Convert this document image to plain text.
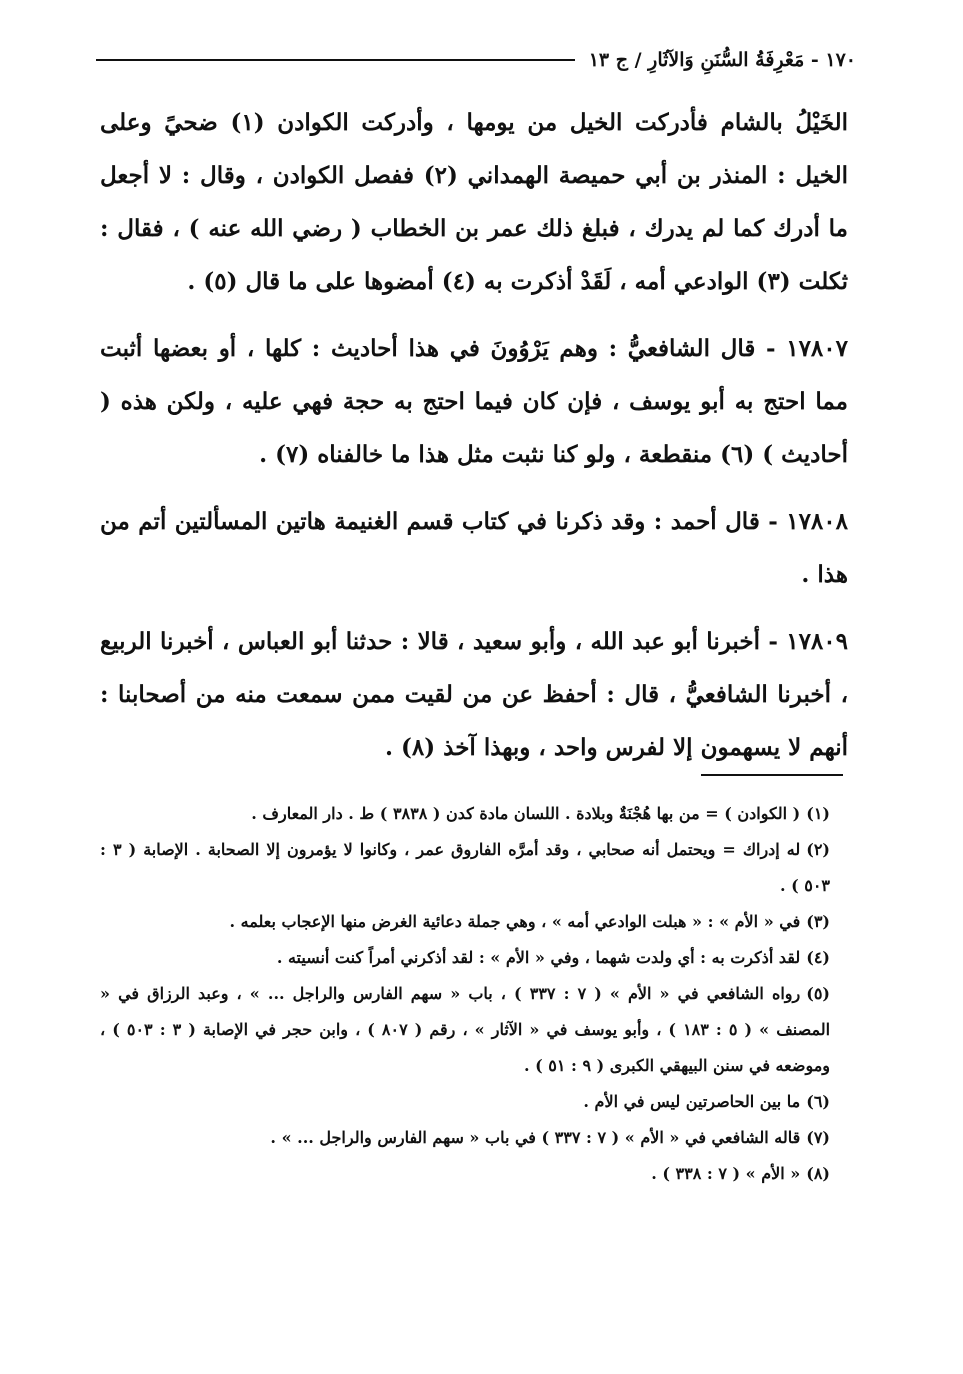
١٧٠ - مَعْرِفَةُ السُّنَنِ وَالآثَارِ / ج ١٣

الخَيْلُ بالشام فأدركت الخيل من يومها ، وأدركت الكوادن (١) ضحيً وعلى الخيل : المنذر بن أبي حميصة الهمداني (٢) ففصل الكوادن ، وقال : لا أجعل ما أدرك كما لم يدرك ، فبلغ ذلك عمر بن الخطاب ( رضي الله عنه ) ، فقال : ثكلت (٣) الوادعي أمه ، لَقَدْ أذكرت به (٤) أمضوها على ما قال (٥) .

١٧٨٠٧ - قال الشافعيُّ : وهم يَرْوُونَ في هذا أحاديث : كلها ، أو بعضها أثبت مما احتج به أبو يوسف ، فإن كان فيما احتج به حجة فهي عليه ، ولكن هذه ( أحاديث ) (٦) منقطعة ، ولو كنا نثبت مثل هذا ما خالفناه (٧) .

١٧٨٠٨ - قال أحمد : وقد ذكرنا في كتاب قسم الغنيمة هاتين المسألتين أتم من هذا .

١٧٨٠٩ - أخبرنا أبو عبد الله ، وأبو سعيد ، قالا : حدثنا أبو العباس ، أخبرنا الربيع ، أخبرنا الشافعيُّ ، قال : أحفظ عن من لقيت ممن سمعت منه من أصحابنا : أنهم لا يسهمون إلا لفرس واحد ، وبهذا آخذ (٨) .

(١)( الكوادن ) = من بها هُجْنَةٌ وبلادة . اللسان مادة كدن ( ٣٨٣٨ ) ط . دار المعارف .

(٢)له إدراك = ويحتمل أنه صحابي ، وقد أمرَّه الفاروق عمر ، وكانوا لا يؤمرون إلا الصحابة . الإصابة ( ٣ : ٥٠٣ ) .

(٣)في « الأم » : « هبلت الوادعي أمه » ، وهي جملة دعائية الغرض منها الإعجاب بعلمه .

(٤)لقد أذكرت به : أي ولدت شهما ، وفي « الأم » : لقد أذكرني أمراً كنت أنسيته .

(٥)رواه الشافعي في « الأم » ( ٧ : ٣٣٧ ) ، باب « سهم الفارس والراجل ... » ، وعبد الرزاق في « المصنف » ( ٥ : ١٨٣ ) ، وأبو يوسف في « الآثار » ، رقم ( ٨٠٧ ) ، وابن حجر في الإصابة ( ٣ : ٥٠٣ ) ، وموضعه في سنن البيهقي الكبرى ( ٩ : ٥١ ) .

(٦)ما بين الحاصرتين ليس في الأم .

(٧)قاله الشافعي في « الأم » ( ٧ : ٣٣٧ ) في باب « سهم الفارس والراجل ... » .

(٨)« الأم » ( ٧ : ٣٣٨ ) .
